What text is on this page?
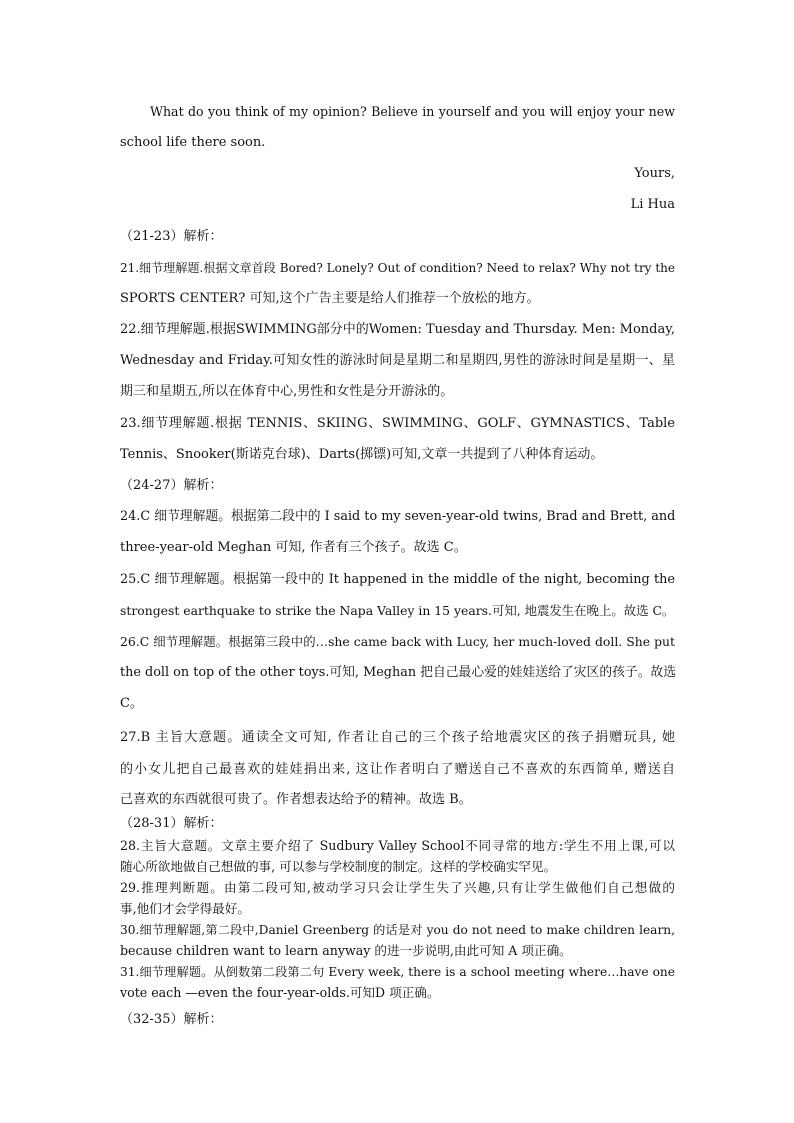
What do you think of my opinion? Believe in yourself and you will enjoy your new
school life there soon.
Yours,
Li Hua
（21-23）解析：
21.细节理解题.根据文章首段 Bored? Lonely? Out of condition? Need to relax? Why not try the
SPORTS CENTER? 可知,这个广告主要是给人们推荐一个放松的地方。
22.细节理解题.根据SWIMMING部分中的Women: Tuesday and Thursday. Men: Monday,
Wednesday and Friday.可知女性的游泳时间是星期二和星期四,男性的游泳时间是星期一、星
期三和星期五,所以在体育中心,男性和女性是分开游泳的。
23.细节理解题.根据 TENNIS、SKIING、SWIMMING、GOLF、GYMNASTICS、Table
Tennis、Snooker(斯诺克台球)、Darts(掷镖)可知,文章一共提到了八种体育运动。
（24-27）解析：
24.C 细节理解题。根据第二段中的 I said to my seven-year-old twins, Brad and Brett, and
three-year-old Meghan 可知, 作者有三个孩子。故选 C。
25.C 细节理解题。根据第一段中的 It happened in the middle of the night, becoming the
strongest earthquake to strike the Napa Valley in 15 years.可知, 地震发生在晚上。故选 C。
26.C 细节理解题。根据第三段中的…she came back with Lucy, her much-loved doll. She put
the doll on top of the other toys.可知, Meghan 把自己最心爱的娃娃送给了灾区的孩子。故选
C。
27.B 主旨大意题。通读全文可知, 作者让自己的三个孩子给地震灾区的孩子捐赠玩具, 她
的小女儿把自己最喜欢的娃娃捐出来, 这让作者明白了赠送自己不喜欢的东西简单, 赠送自
己喜欢的东西就很可贵了。作者想表达给予的精神。故选 B。
（28-31）解析：
28.主旨大意题。文章主要介绍了 Sudbury Valley School不同寻常的地方:学生不用上课,可以
随心所欲地做自己想做的事, 可以参与学校制度的制定。这样的学校确实罕见。
29.推理判断题。由第二段可知,被动学习只会让学生失了兴趣,只有让学生做他们自己想做的
事,他们才会学得最好。
30.细节理解题,第二段中,Daniel Greenberg 的话是对 you do not need to make children learn,
because children want to learn anyway 的进一步说明,由此可知 A 项正确。
31.细节理解题。从倒数第二段第二句 Every week, there is a school meeting where…have one
vote each —even the four-year-olds.可知D 项正确。
（32-35）解析：
